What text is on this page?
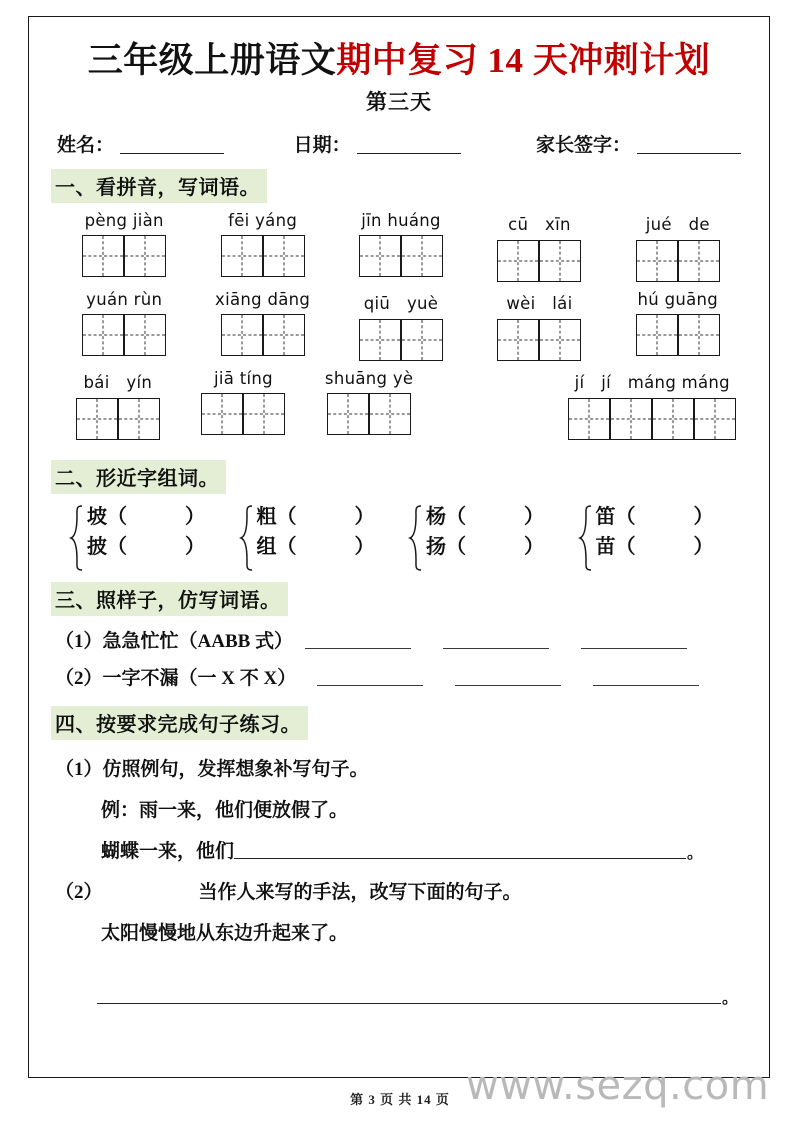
三年级上册语文期中复习 14 天冲刺计划
第三天
姓名：	日期：	家长签字：
一、看拼音，写词语。
pèng jiàn	fēi yáng	jīn huáng	cū　xīn	jué　de
yuán rùn	xiāng dāng	qiū　yuè	wèi　lái	hú guāng
bái　yín	jiā tíng	shuāng yè	jí　jí　máng máng
二、形近字组词。
坡（	）
披（	）
粗（	）
组（	）
杨（	）
扬（	）
笛（	）
苗（	）
三、照样子，仿写词语。
（1）急急忙忙（AABB 式）
（2）一字不漏（一 X 不 X）
四、按要求完成句子练习。
（1）仿照例句，发挥想象补写句子。
例：雨一来，他们便放假了。
蝴蝶一来，他们	。
（2）	当作人来写的手法，改写下面的句子。
太阳慢慢地从东边升起来了。
。
www.sezq.com
第 3 页 共 14 页
